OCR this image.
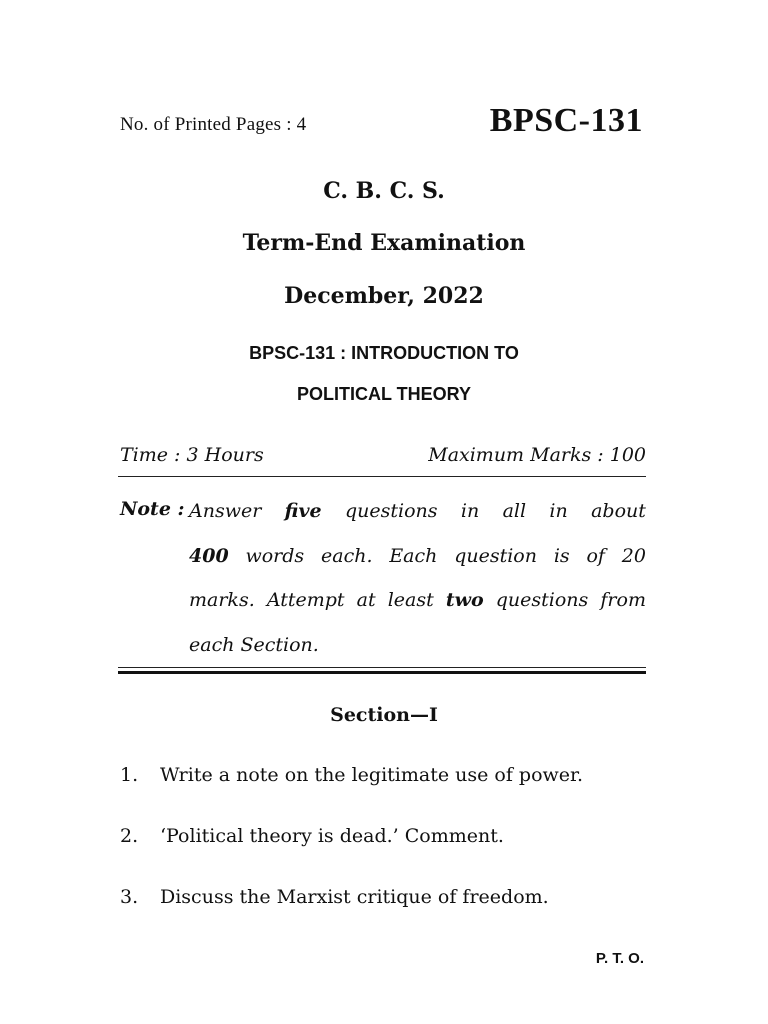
No. of Printed Pages : 4	BPSC-131
C. B. C. S.
Term-End Examination
December, 2022
BPSC-131 : INTRODUCTION TO
POLITICAL THEORY
Time : 3 Hours	Maximum Marks : 100
Note : Answer five questions in all in about
400 words each. Each question is of 20
marks. Attempt at least two questions from
each Section.
Section—I
1.	Write a note on the legitimate use of power.
2.	‘Political theory is dead.’ Comment.
3.	Discuss the Marxist critique of freedom.
P. T. O.
